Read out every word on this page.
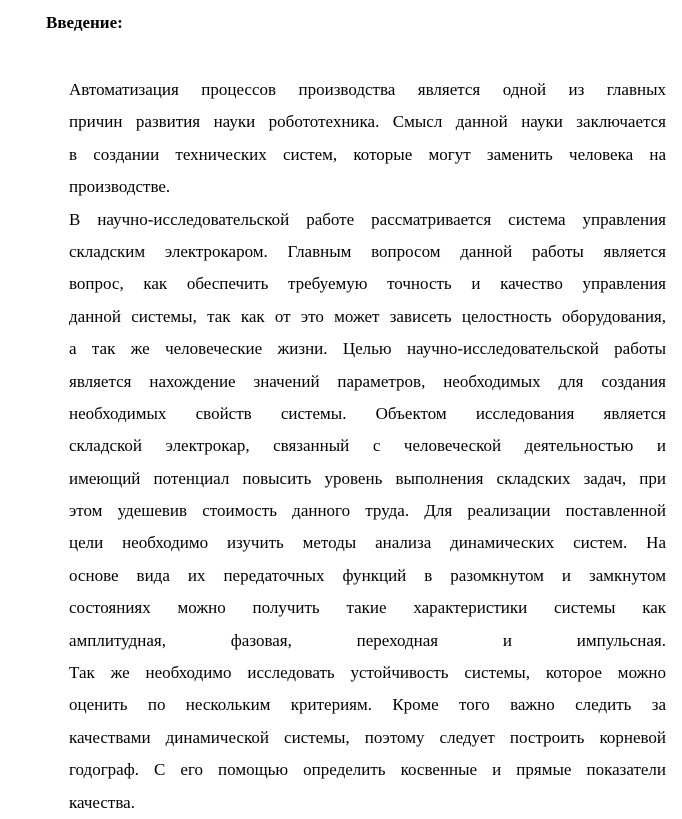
Введение:
Автоматизация процессов производства является одной из главных
причин развития науки робототехника. Смысл данной науки заключается
в создании технических систем, которые могут заменить человека на
производстве.
В научно-исследовательской работе рассматривается система управления
складским электрокаром. Главным вопросом данной работы является
вопрос, как обеспечить требуемую точность и качество управления
данной системы, так как от это может зависеть целостность оборудования,
а так же человеческие жизни. Целью научно-исследовательской работы
является нахождение значений параметров, необходимых для создания
необходимых свойств системы. Объектом исследования является
складской электрокар, связанный с человеческой деятельностью и
имеющий потенциал повысить уровень выполнения складских задач, при
этом удешевив стоимость данного труда. Для реализации поставленной
цели необходимо изучить методы анализа динамических систем. На
основе вида их передаточных функций в разомкнутом и замкнутом
состояниях можно получить такие характеристики системы как
амплитудная, фазовая, переходная и импульсная.
Так же необходимо исследовать устойчивость системы, которое можно
оценить по нескольким критериям. Кроме того важно следить за
качествами динамической системы, поэтому следует построить корневой
годограф. С его помощью определить косвенные и прямые показатели
качества.
